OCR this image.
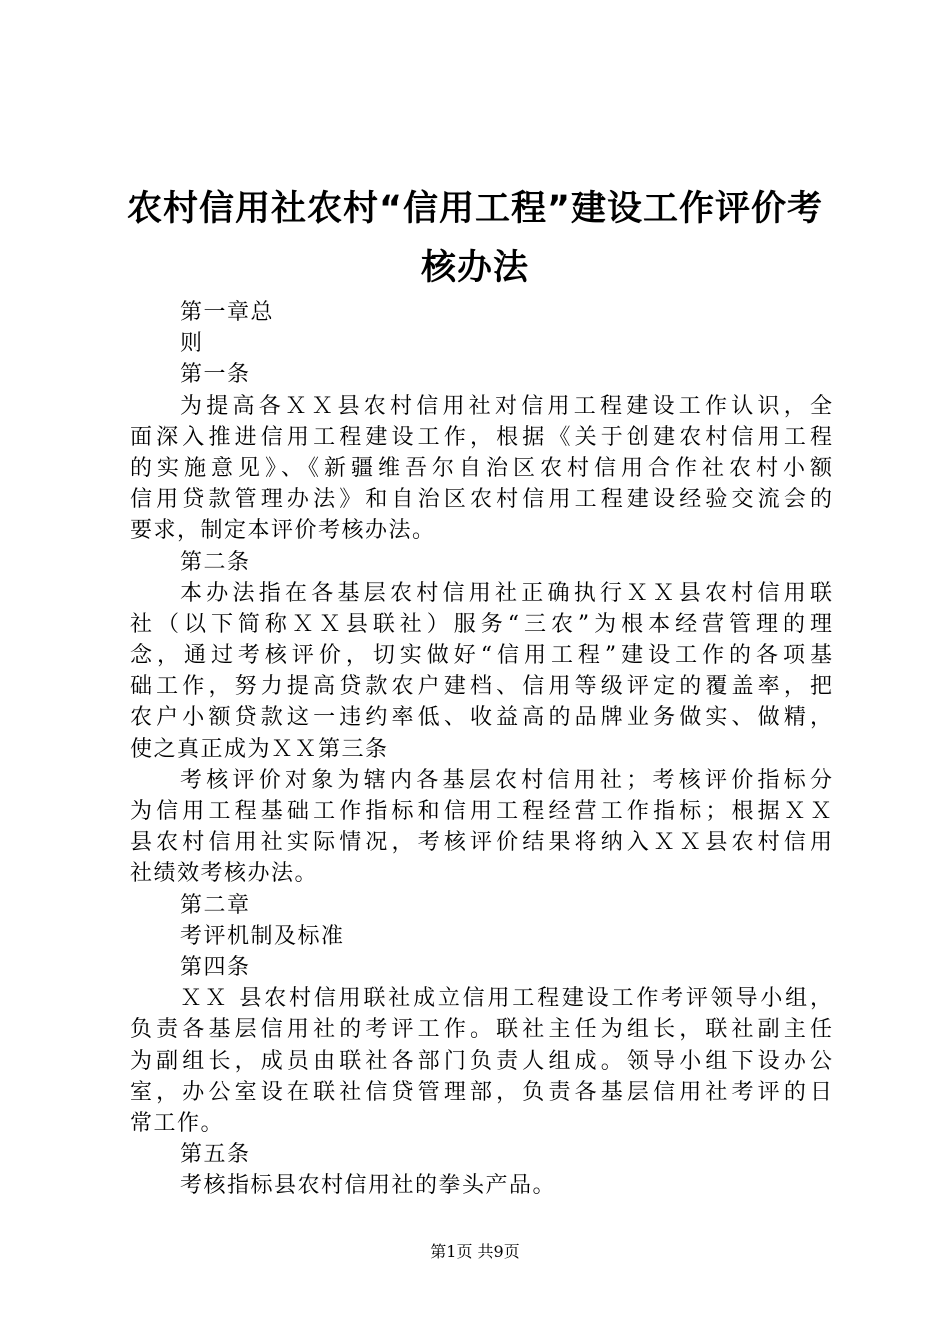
农村信用社农村“信用工程”建设工作评价考
核办法
第一章总
则
第一条
为提高各ＸＸ县农村信用社对信用工程建设工作认识，全
面深入推进信用工程建设工作，根据《关于创建农村信用工程
的实施意见》、《新疆维吾尔自治区农村信用合作社农村小额
信用贷款管理办法》和自治区农村信用工程建设经验交流会的
要求，制定本评价考核办法。
第二条
本办法指在各基层农村信用社正确执行ＸＸ县农村信用联
社（以下简称ＸＸ县联社）服务“三农”为根本经营管理的理
念，通过考核评价，切实做好“信用工程”建设工作的各项基
础工作，努力提高贷款农户建档、信用等级评定的覆盖率，把
农户小额贷款这一违约率低、收益高的品牌业务做实、做精，
使之真正成为ＸＸ第三条
考核评价对象为辖内各基层农村信用社；考核评价指标分
为信用工程基础工作指标和信用工程经营工作指标；根据ＸＸ
县农村信用社实际情况，考核评价结果将纳入ＸＸ县农村信用
社绩效考核办法。
第二章
考评机制及标准
第四条
ＸＸ 县农村信用联社成立信用工程建设工作考评领导小组，
负责各基层信用社的考评工作。联社主任为组长，联社副主任
为副组长，成员由联社各部门负责人组成。领导小组下设办公
室，办公室设在联社信贷管理部，负责各基层信用社考评的日
常工作。
第五条
考核指标县农村信用社的拳头产品。
第1页 共9页
